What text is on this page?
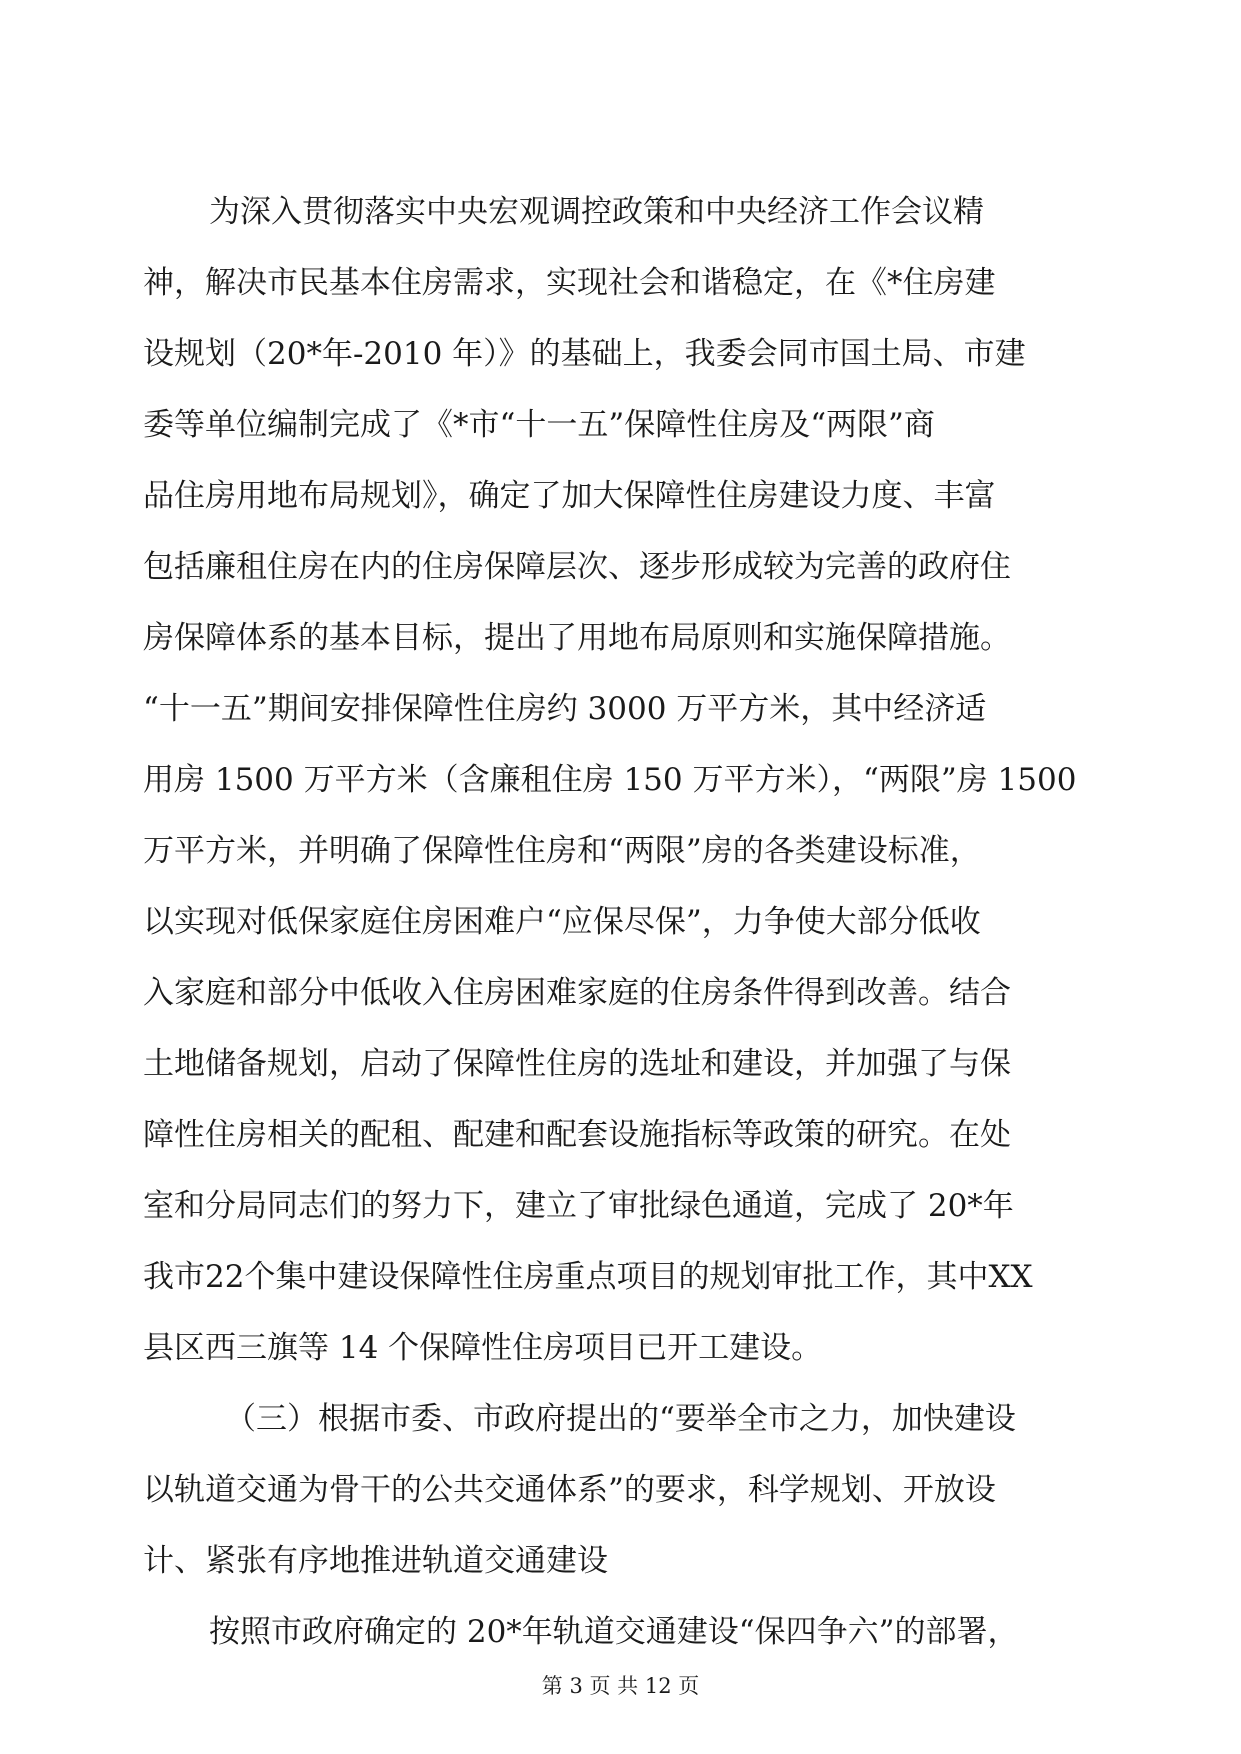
为深入贯彻落实中央宏观调控政策和中央经济工作会议精
神，解决市民基本住房需求，实现社会和谐稳定，在《*住房建
设规划（20*年-2010 年）》的基础上，我委会同市国土局、市建
委等单位编制完成了《*市“十一五”保障性住房及“两限”商
品住房用地布局规划》，确定了加大保障性住房建设力度、丰富
包括廉租住房在内的住房保障层次、逐步形成较为完善的政府住
房保障体系的基本目标，提出了用地布局原则和实施保障措施。
“十一五”期间安排保障性住房约 3000 万平方米，其中经济适
用房 1500 万平方米（含廉租住房 150 万平方米），“两限”房 1500
万平方米，并明确了保障性住房和“两限”房的各类建设标准，
以实现对低保家庭住房困难户“应保尽保”，力争使大部分低收
入家庭和部分中低收入住房困难家庭的住房条件得到改善。结合
土地储备规划，启动了保障性住房的选址和建设，并加强了与保
障性住房相关的配租、配建和配套设施指标等政策的研究。在处
室和分局同志们的努力下，建立了审批绿色通道，完成了 20*年
我市22个集中建设保障性住房重点项目的规划审批工作，其中XX
县区西三旗等 14 个保障性住房项目已开工建设。
（三）根据市委、市政府提出的“要举全市之力，加快建设
以轨道交通为骨干的公共交通体系”的要求，科学规划、开放设
计、紧张有序地推进轨道交通建设
按照市政府确定的 20*年轨道交通建设“保四争六”的部署，
第 3 页 共 12 页
